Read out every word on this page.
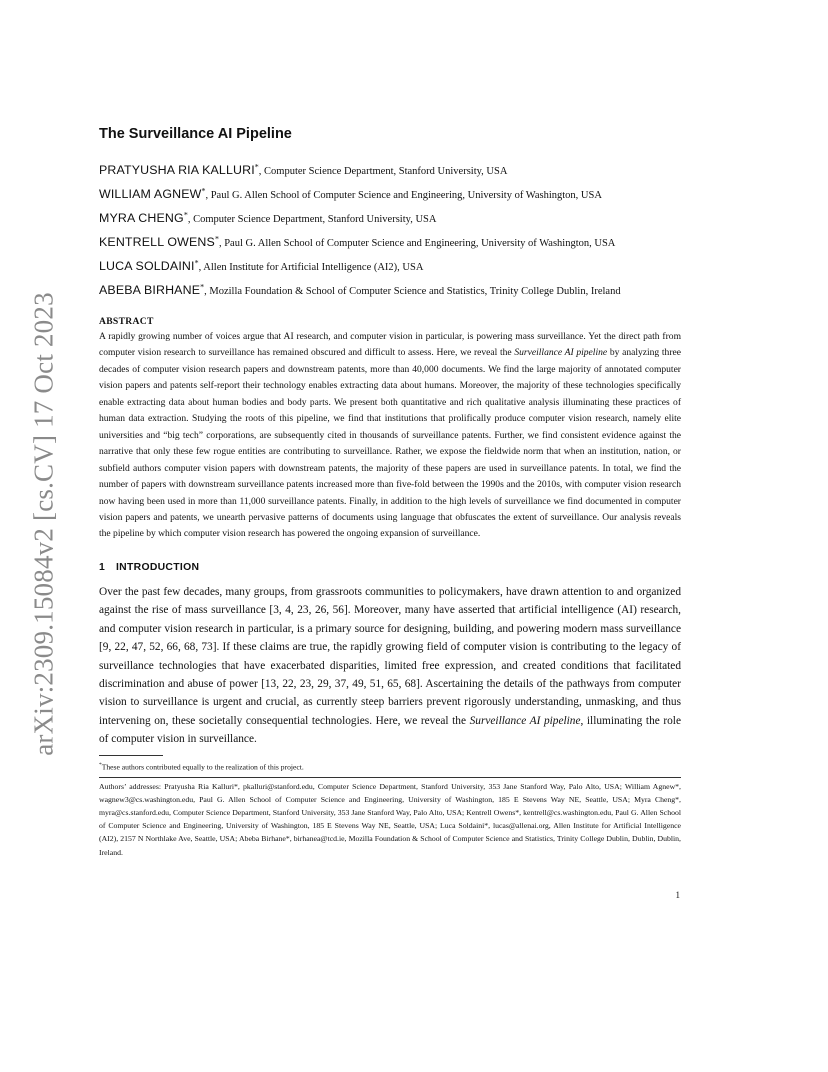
arXiv:2309.15084v2 [cs.CV] 17 Oct 2023
The Surveillance AI Pipeline
PRATYUSHA RIA KALLURI*, Computer Science Department, Stanford University, USA
WILLIAM AGNEW*, Paul G. Allen School of Computer Science and Engineering, University of Washington, USA
MYRA CHENG*, Computer Science Department, Stanford University, USA
KENTRELL OWENS*, Paul G. Allen School of Computer Science and Engineering, University of Washington, USA
LUCA SOLDAINI*, Allen Institute for Artificial Intelligence (AI2), USA
ABEBA BIRHANE*, Mozilla Foundation & School of Computer Science and Statistics, Trinity College Dublin, Ireland
ABSTRACT

A rapidly growing number of voices argue that AI research, and computer vision in particular, is powering mass surveillance. Yet the direct path from computer vision research to surveillance has remained obscured and difficult to assess. Here, we reveal the Surveillance AI pipeline by analyzing three decades of computer vision research papers and downstream patents, more than 40,000 documents. We find the large majority of annotated computer vision papers and patents self-report their technology enables extracting data about humans. Moreover, the majority of these technologies specifically enable extracting data about human bodies and body parts. We present both quantitative and rich qualitative analysis illuminating these practices of human data extraction. Studying the roots of this pipeline, we find that institutions that prolifically produce computer vision research, namely elite universities and “big tech” corporations, are subsequently cited in thousands of surveillance patents. Further, we find consistent evidence against the narrative that only these few rogue entities are contributing to surveillance. Rather, we expose the fieldwide norm that when an institution, nation, or subfield authors computer vision papers with downstream patents, the majority of these papers are used in surveillance patents. In total, we find the number of papers with downstream surveillance patents increased more than five-fold between the 1990s and the 2010s, with computer vision research now having been used in more than 11,000 surveillance patents. Finally, in addition to the high levels of surveillance we find documented in computer vision papers and patents, we unearth pervasive patterns of documents using language that obfuscates the extent of surveillance. Our analysis reveals the pipeline by which computer vision research has powered the ongoing expansion of surveillance.

1 INTRODUCTION

Over the past few decades, many groups, from grassroots communities to policymakers, have drawn attention to and organized against the rise of mass surveillance [3, 4, 23, 26, 56]. Moreover, many have asserted that artificial intelligence (AI) research, and computer vision research in particular, is a primary source for designing, building, and powering modern mass surveillance [9, 22, 47, 52, 66, 68, 73]. If these claims are true, the rapidly growing field of computer vision is contributing to the legacy of surveillance technologies that have exacerbated disparities, limited free expression, and created conditions that facilitated discrimination and abuse of power [13, 22, 23, 29, 37, 49, 51, 65, 68]. Ascertaining the details of the pathways from computer vision to surveillance is urgent and crucial, as currently steep barriers prevent rigorously understanding, unmasking, and thus intervening on, these societally consequential technologies. Here, we reveal the Surveillance AI pipeline, illuminating the role of computer vision in surveillance.

*These authors contributed equally to the realization of this project.

Authors’ addresses: Pratyusha Ria Kalluri*, pkalluri@stanford.edu, Computer Science Department, Stanford University, 353 Jane Stanford Way, Palo Alto, USA; William Agnew*, wagnew3@cs.washington.edu, Paul G. Allen School of Computer Science and Engineering, University of Washington, 185 E Stevens Way NE, Seattle, USA; Myra Cheng*, myra@cs.stanford.edu, Computer Science Department, Stanford University, 353 Jane Stanford Way, Palo Alto, USA; Kentrell Owens*, kentrell@cs.washington.edu, Paul G. Allen School of Computer Science and Engineering, University of Washington, 185 E Stevens Way NE, Seattle, USA; Luca Soldaini*, lucas@allenai.org, Allen Institute for Artificial Intelligence (AI2), 2157 N Northlake Ave, Seattle, USA; Abeba Birhane*, birhanea@tcd.ie, Mozilla Foundation & School of Computer Science and Statistics, Trinity College Dublin, Dublin, Dublin, Ireland.

1
